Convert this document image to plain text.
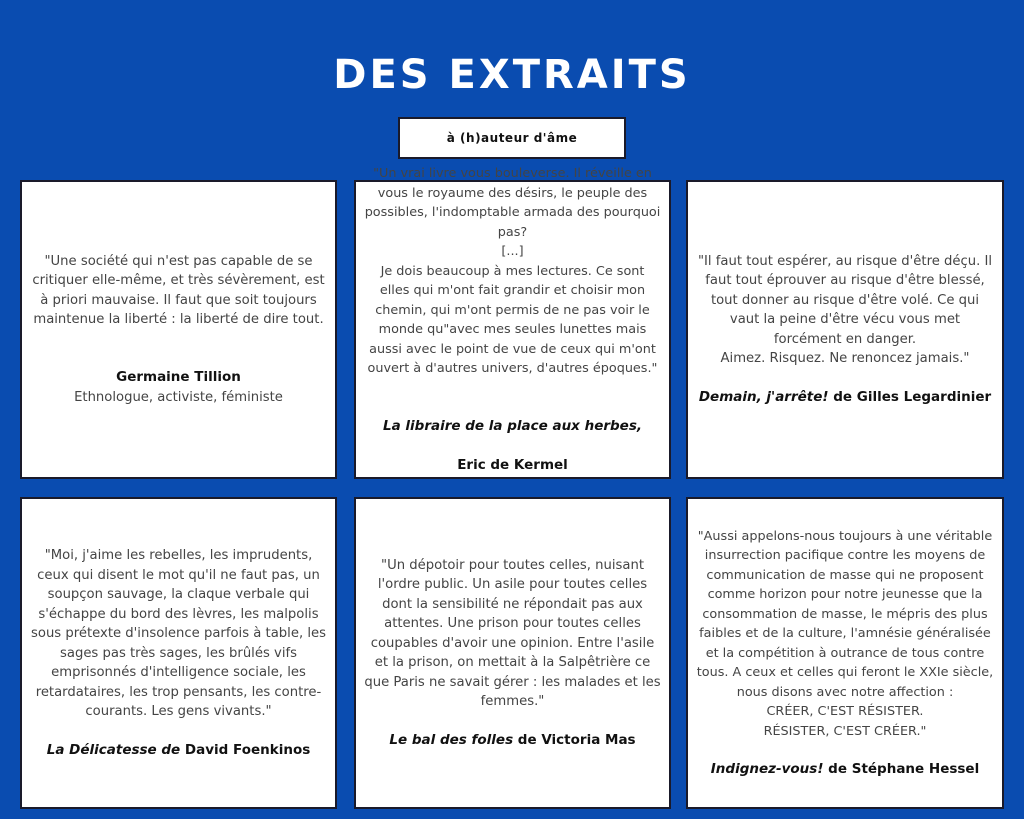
DES EXTRAITS
à (h)auteur d'âme
"Une société qui n'est pas capable de se critiquer elle-même, et très sévèrement, est à priori mauvaise. Il faut que soit toujours maintenue la liberté : la liberté de dire tout.

Germaine Tillion

Ethnologue, activiste, féministe
"Un vrai livre vous bouleverse. Il réveille en vous le royaume des désirs, le peuple des possibles, l'indomptable armada des pourquoi pas?
[...]
Je dois beaucoup à mes lectures. Ce sont elles qui m'ont fait grandir et choisir mon chemin, qui m'ont permis de ne pas voir le monde qu"avec mes seules lunettes mais aussi avec le point de vue de ceux qui m'ont ouvert à d'autres univers, d'autres époques."

La libraire de la place aux herbes,

Eric de Kermel

"Il faut tout espérer, au risque d'être déçu. Il faut tout éprouver au risque d'être blessé, tout donner au risque d'être volé. Ce qui vaut la peine d'être vécu vous met forcément en danger.
Aimez. Risquez. Ne renoncez jamais."
Demain, j'arrête! de Gilles Legardinier
"Moi, j'aime les rebelles, les imprudents, ceux qui disent le mot qu'il ne faut pas, un soupçon sauvage, la claque verbale qui s'échappe du bord des lèvres, les malpolis sous prétexte d'insolence parfois à table, les sages pas très sages, les brûlés vifs emprisonnés d'intelligence sociale, les retardataires, les trop pensants, les contre-courants. Les gens vivants."
La Délicatesse de David Foenkinos
"Un dépotoir pour toutes celles, nuisant l'ordre public. Un asile pour toutes celles dont la sensibilité ne répondait pas aux attentes. Une prison pour toutes celles coupables d'avoir une opinion. Entre l'asile et la prison, on mettait à la Salpêtrière ce que Paris ne savait gérer : les malades et les femmes."
Le bal des folles de Victoria Mas
"Aussi appelons-nous toujours à une véritable insurrection pacifique contre les moyens de communication de masse qui ne proposent comme horizon pour notre jeunesse que la consommation de masse, le mépris des plus faibles et de la culture, l'amnésie généralisée et la compétition à outrance de tous contre tous. A ceux et celles qui feront le XXIe siècle, nous disons avec notre affection :
CRÉER, C'EST RÉSISTER.
RÉSISTER, C'EST CRÉER."
Indignez-vous! de Stéphane Hessel
